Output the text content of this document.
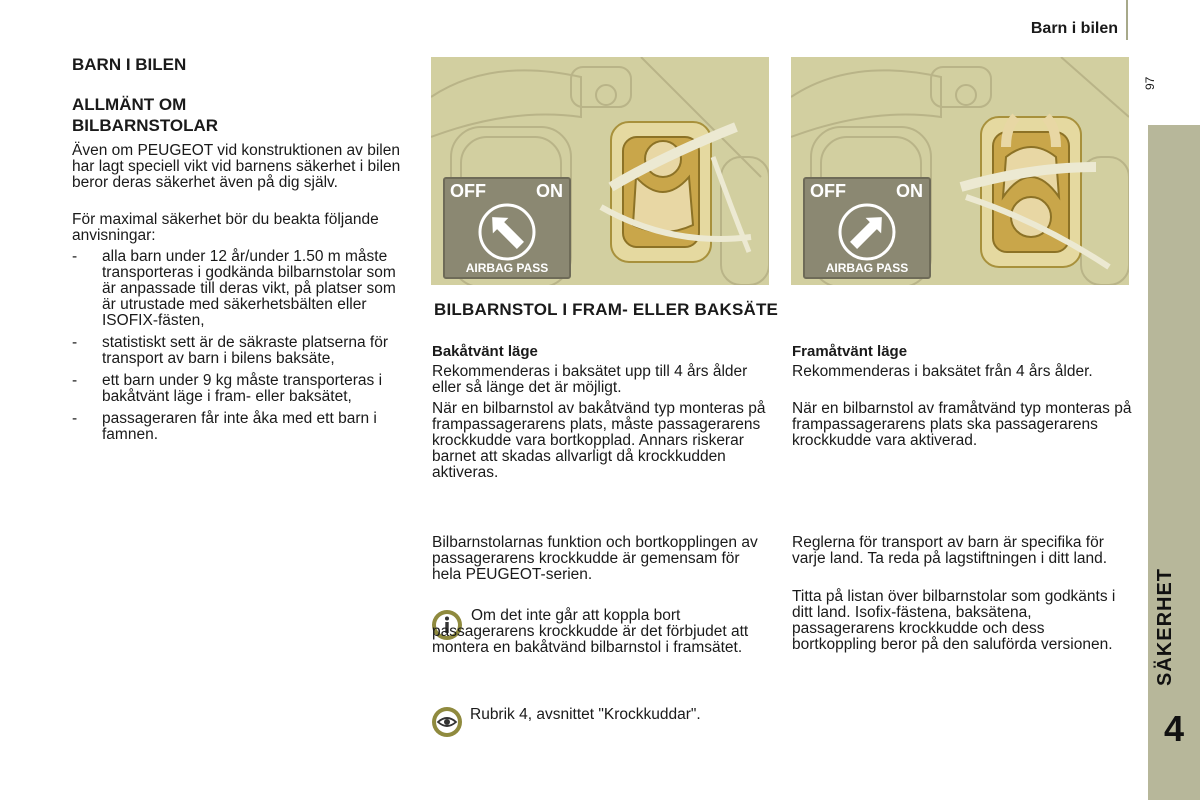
Barn i bilen
97
SÄKERHET
4
BARN I BILEN
ALLMÄNT OM BILBARNSTOLAR
Även om PEUGEOT vid konstruktionen av bilen har lagt speciell vikt vid barnens säkerhet i bilen beror deras säkerhet även på dig själv.
För maximal säkerhet bör du beakta följande anvisningar:
- alla barn under 12 år/under 1.50 m måste transporteras i godkända bilbarnstolar som är anpassade till deras vikt, på platser som är utrustade med säkerhetsbälten eller ISOFIX-fästen,
- statistiskt sett är de säkraste platserna för transport av barn i bilens baksäte,
- ett barn under 9 kg måste transporteras i bakåtvänt läge i fram- eller baksätet,
- passageraren får inte åka med ett barn i famnen.
OFF	ON
AIRBAG PASS
OFF	ON
AIRBAG PASS
BILBARNSTOL I FRAM- ELLER BAKSÄTE
Bakåtvänt läge
Rekommenderas i baksätet upp till 4 års ålder eller så länge det är möjligt.
När en bilbarnstol av bakåtvänd typ monteras på frampassagerarens plats, måste passagerarens krockkudde vara bortkopplad. Annars riskerar barnet att skadas allvarligt då krockkudden aktiveras.
Bilbarnstolarnas funktion och bortkopplingen av passagerarens krockkudde är gemensam för hela PEUGEOT-serien.
Om det inte går att koppla bort passagerarens krockkudde är det förbjudet att montera en bakåtvänd bilbarnstol i framsätet.
Rubrik 4, avsnittet "Krockkuddar".
Framåtvänt läge
Rekommenderas i baksätet från 4 års ålder.
När en bilbarnstol av framåtvänd typ monteras på frampassagerarens plats ska passagerarens krockkudde vara aktiverad.
Reglerna för transport av barn är specifika för varje land. Ta reda på lagstiftningen i ditt land.
Titta på listan över bilbarnstolar som godkänts i ditt land. Isofix-fästena, baksätena, passagerarens krockkudde och dess bortkoppling beror på den saluförda versionen.
